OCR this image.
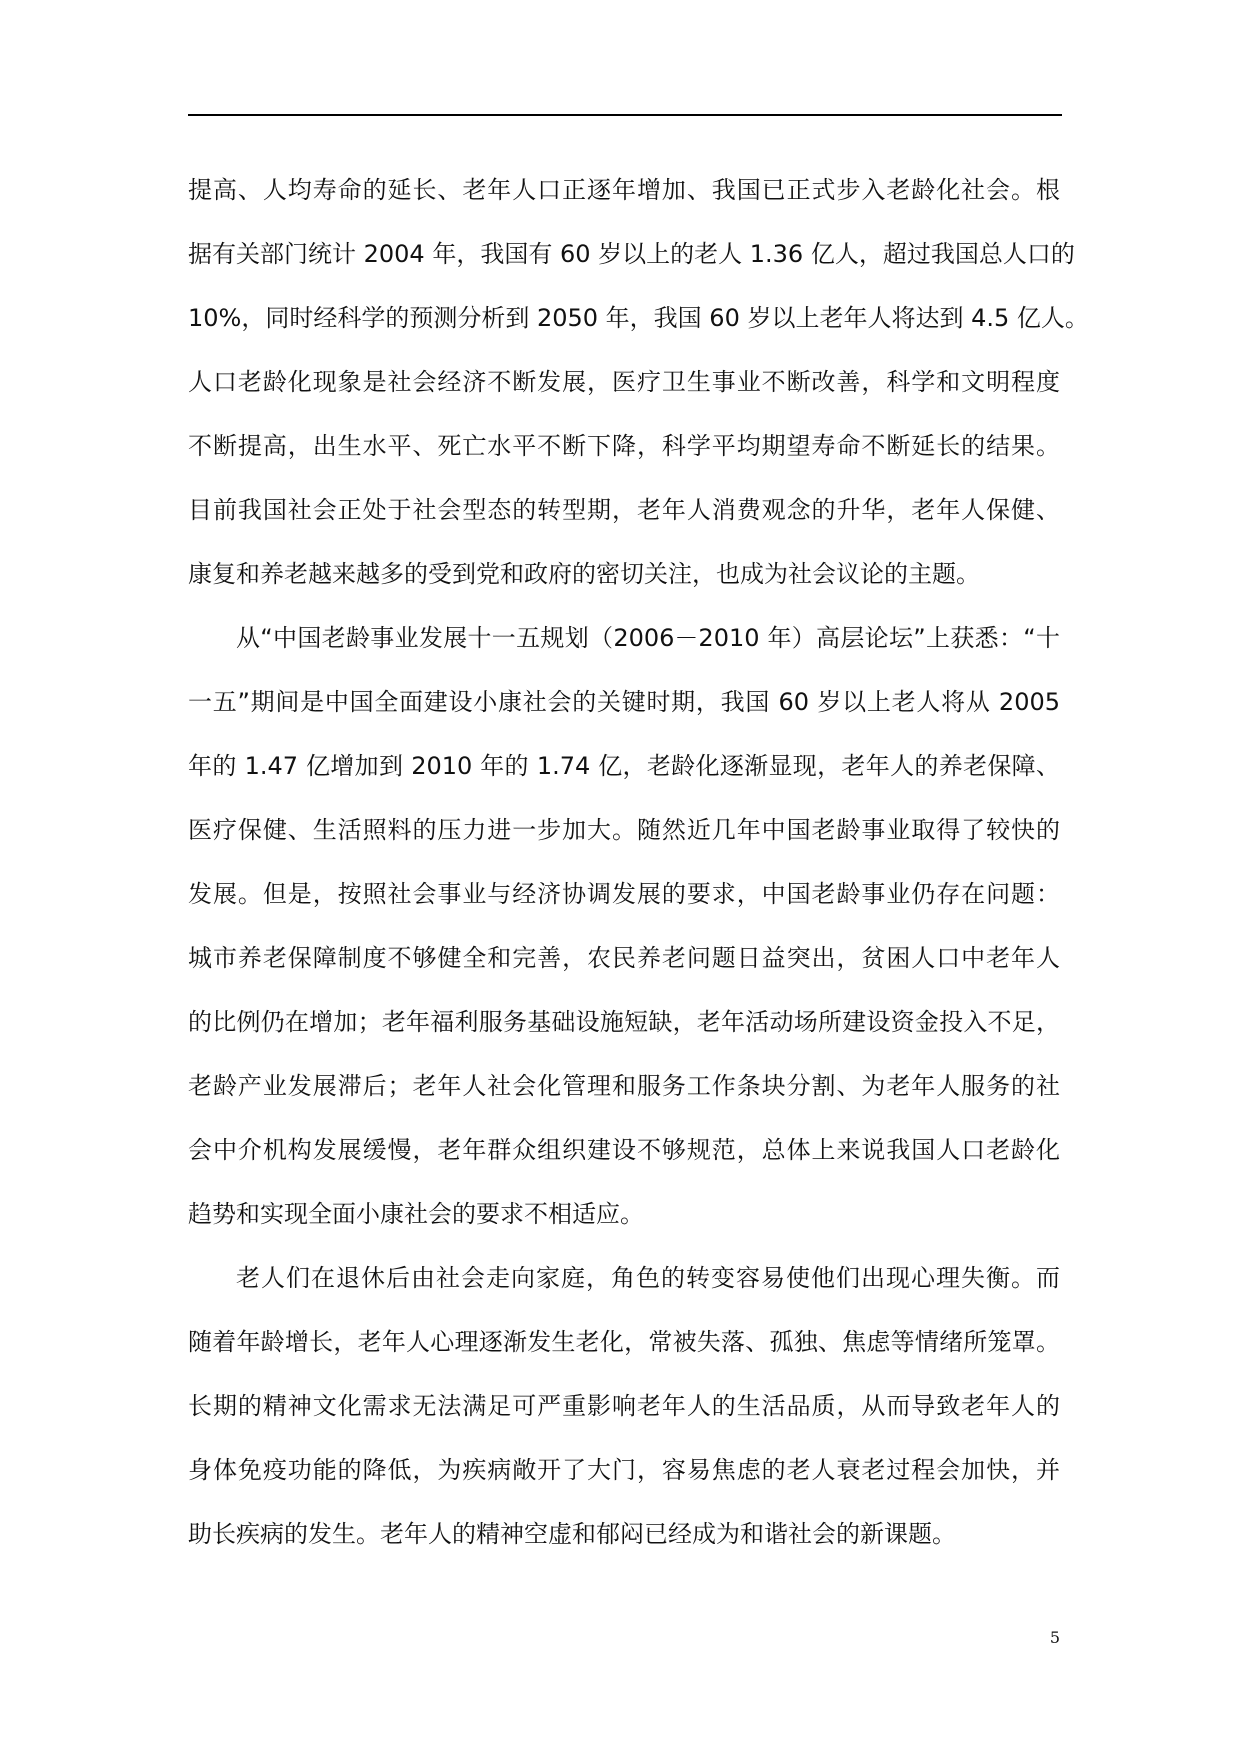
提高、人均寿命的延长、老年人口正逐年增加、我国已正式步入老龄化社会。根
据有关部门统计 2004 年，我国有 60 岁以上的老人 1.36 亿人，超过我国总人口的
10%，同时经科学的预测分析到 2050 年，我国 60 岁以上老年人将达到 4.5 亿人。
人口老龄化现象是社会经济不断发展，医疗卫生事业不断改善，科学和文明程度
不断提高，出生水平、死亡水平不断下降，科学平均期望寿命不断延长的结果。
目前我国社会正处于社会型态的转型期，老年人消费观念的升华，老年人保健、
康复和养老越来越多的受到党和政府的密切关注，也成为社会议论的主题。
从“中国老龄事业发展十一五规划（2006－2010 年）高层论坛”上获悉：“十
一五”期间是中国全面建设小康社会的关键时期，我国 60 岁以上老人将从 2005
年的 1.47 亿增加到 2010 年的 1.74 亿，老龄化逐渐显现，老年人的养老保障、
医疗保健、生活照料的压力进一步加大。随然近几年中国老龄事业取得了较快的
发展。但是，按照社会事业与经济协调发展的要求，中国老龄事业仍存在问题：
城市养老保障制度不够健全和完善，农民养老问题日益突出，贫困人口中老年人
的比例仍在增加；老年福利服务基础设施短缺，老年活动场所建设资金投入不足，
老龄产业发展滞后；老年人社会化管理和服务工作条块分割、为老年人服务的社
会中介机构发展缓慢，老年群众组织建设不够规范，总体上来说我国人口老龄化
趋势和实现全面小康社会的要求不相适应。
老人们在退休后由社会走向家庭，角色的转变容易使他们出现心理失衡。而
随着年龄增长，老年人心理逐渐发生老化，常被失落、孤独、焦虑等情绪所笼罩。
长期的精神文化需求无法满足可严重影响老年人的生活品质，从而导致老年人的
身体免疫功能的降低，为疾病敞开了大门，容易焦虑的老人衰老过程会加快，并
助长疾病的发生。老年人的精神空虚和郁闷已经成为和谐社会的新课题。
5
